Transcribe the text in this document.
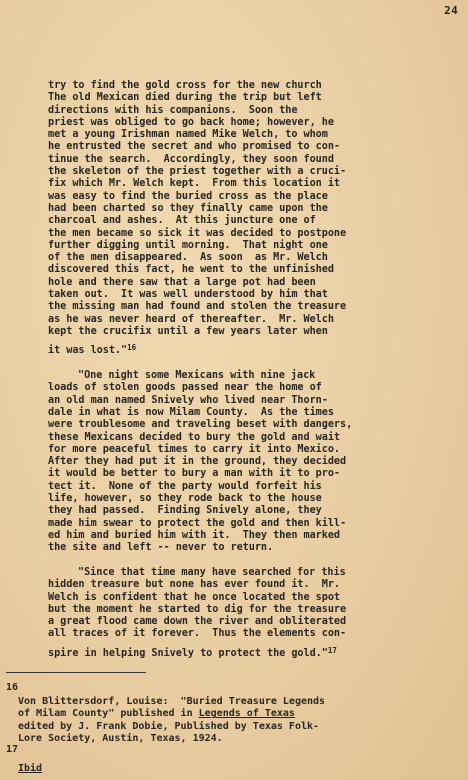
24
try to find the gold cross for the new church
The old Mexican died during the trip but left
directions with his companions.  Soon the
priest was obliged to go back home; however, he
met a young Irishman named Mike Welch, to whom
he entrusted the secret and who promised to con-
tinue the search.  Accordingly, they soon found
the skeleton of the priest together with a cruci-
fix which Mr. Welch kept.  From this location it
was easy to find the buried cross as the place
had been charted so they finally came upon the
charcoal and ashes.  At this juncture one of
the men became so sick it was decided to postpone
further digging until morning.  That night one
of the men disappeared.  As soon  as Mr. Welch
discovered this fact, he went to the unfinished
hole and there saw that a large pot had been
taken out.  It was well understood by him that
the missing man had found and stolen the treasure
as he was never heard of thereafter.  Mr. Welch
kept the crucifix until a few years later when
it was lost."$^{16}$

"One night some Mexicans with nine jack
loads of stolen goods passed near the home of
an old man named Snively who lived near Thorn-
dale in what is now Milam County.  As the times
were troublesome and traveling beset with dangers,
these Mexicans decided to bury the gold and wait
for more peaceful times to carry it into Mexico.
After they had put it in the ground, they decided
it would be better to bury a man with it to pro-
tect it.  None of the party would forfeit his
life, however, so they rode back to the house
they had passed.  Finding Snively alone, they
made him swear to protect the gold and then kill-
ed him and buried him with it.  They then marked
the site and left -- never to return.
"Since that time many have searched for this
hidden treasure but none has ever found it.  Mr.
Welch is confident that he once located the spot
but the moment he started to dig for the treasure
a great flood came down the river and obliterated
all traces of it forever.  Thus the elements con-
spire in helping Snively to protect the gold."$^{17}$
16
Von Blittersdorf, Louise:  "Buried Treasure Legends
of Milam County" published in Legends of Texas
edited by J. Frank Dobie, Published by Texas Folk-
Lore Society, Austin, Texas, 1924.
17
Ibid
